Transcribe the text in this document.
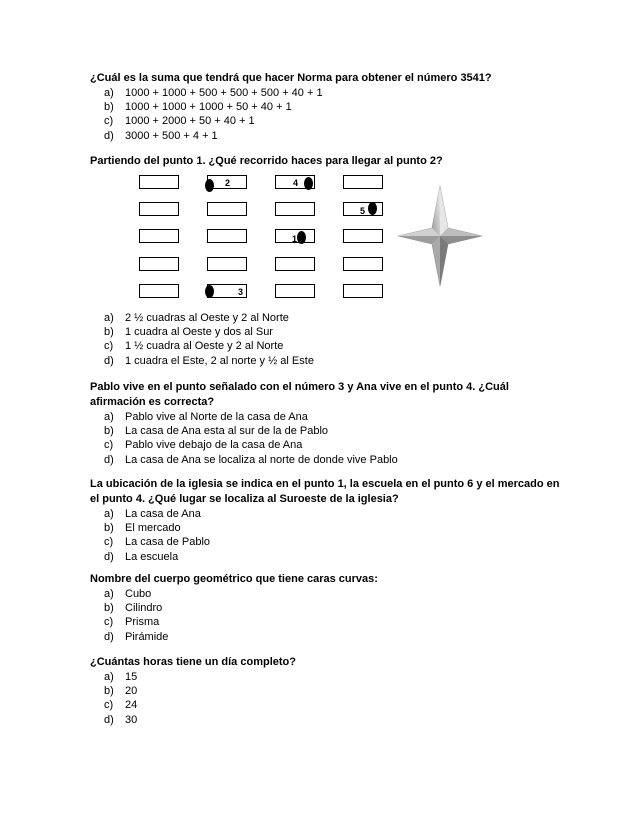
¿Cuál es la suma que tendrá que hacer Norma para obtener el número 3541?
a)	1000 + 1000 + 500 + 500 + 500 + 40 + 1
b)	1000 + 1000 + 1000 + 50 + 40 + 1
c)	1000 + 2000 + 50 + 40 + 1
d)	3000 + 500 + 4 + 1
Partiendo del punto 1. ¿Qué recorrido haces para llegar al punto 2?
2	4
5
1
3
a)	2 ½ cuadras al Oeste y 2 al Norte
b)	1 cuadra al Oeste y dos al Sur
c)	1 ½ cuadra al Oeste y 2 al Norte
d)	1 cuadra el Este, 2 al norte y ½ al Este
Pablo vive en el punto señalado con el número 3 y Ana vive en el punto 4. ¿Cuál afirmación es correcta?
a)	Pablo vive al Norte de la casa de Ana
b)	La casa de Ana esta al sur de la de Pablo
c)	Pablo vive debajo de la casa de Ana
d)	La casa de Ana se localiza al norte de donde vive Pablo
La ubicación de la iglesia se indica en el punto 1, la escuela en el punto 6 y el mercado en el punto 4. ¿Qué lugar se localiza al Suroeste de la iglesia?
a)	La casa de Ana
b)	El mercado
c)	La casa de Pablo
d)	La escuela
Nombre del cuerpo geométrico que tiene caras curvas:
a)	Cubo
b)	Cilindro
c)	Prisma
d)	Pirámide
¿Cuántas horas tiene un día completo?
a)	15
b)	20
c)	24
d)	30
